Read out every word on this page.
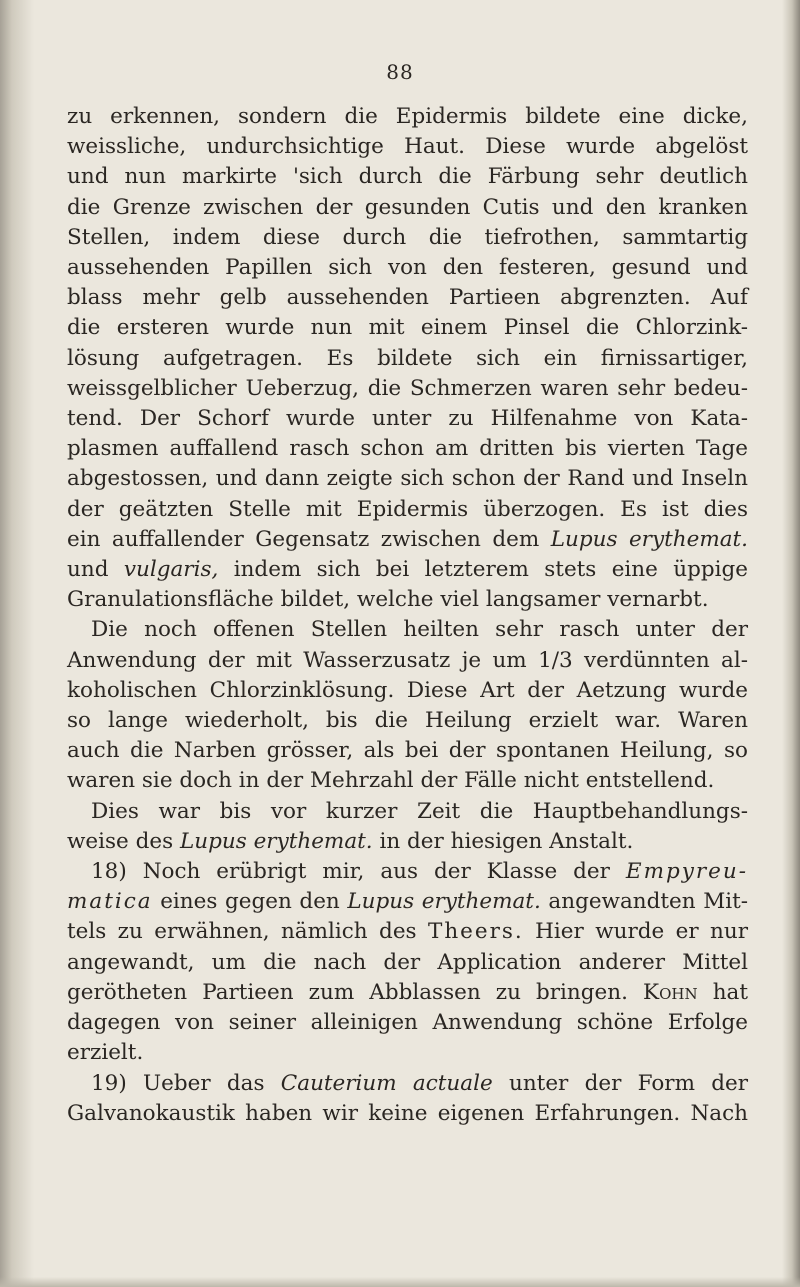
88
zu erkennen, sondern die Epidermis bildete eine dicke,
weissliche, undurchsichtige Haut. Diese wurde abgelöst
und nun markirte 'sich durch die Färbung sehr deutlich
die Grenze zwischen der gesunden Cutis und den kranken
Stellen, indem diese durch die tiefrothen, sammtartig
aussehenden Papillen sich von den festeren, gesund und
blass mehr gelb aussehenden Partieen abgrenzten. Auf
die ersteren wurde nun mit einem Pinsel die Chlorzink-
lösung aufgetragen. Es bildete sich ein firnissartiger,
weissgelblicher Ueberzug, die Schmerzen waren sehr bedeu-
tend. Der Schorf wurde unter zu Hilfenahme von Kata-
plasmen auffallend rasch schon am dritten bis vierten Tage
abgestossen, und dann zeigte sich schon der Rand und Inseln
der geätzten Stelle mit Epidermis überzogen. Es ist dies
ein auffallender Gegensatz zwischen dem Lupus erythemat.
und vulgaris, indem sich bei letzterem stets eine üppige
Granulationsfläche bildet, welche viel langsamer vernarbt.
Die noch offenen Stellen heilten sehr rasch unter der
Anwendung der mit Wasserzusatz je um 1/3 verdünnten al-
koholischen Chlorzinklösung. Diese Art der Aetzung wurde
so lange wiederholt, bis die Heilung erzielt war. Waren
auch die Narben grösser, als bei der spontanen Heilung, so
waren sie doch in der Mehrzahl der Fälle nicht entstellend.
Dies war bis vor kurzer Zeit die Hauptbehandlungs-
weise des Lupus erythemat. in der hiesigen Anstalt.
18) Noch erübrigt mir, aus der Klasse der Empyreu-
matica eines gegen den Lupus erythemat. angewandten Mit-
tels zu erwähnen, nämlich des Theers. Hier wurde er nur
angewandt, um die nach der Application anderer Mittel
gerötheten Partieen zum Abblassen zu bringen. Kohn hat
dagegen von seiner alleinigen Anwendung schöne Erfolge
erzielt.
19) Ueber das Cauterium actuale unter der Form der
Galvanokaustik haben wir keine eigenen Erfahrungen. Nach
